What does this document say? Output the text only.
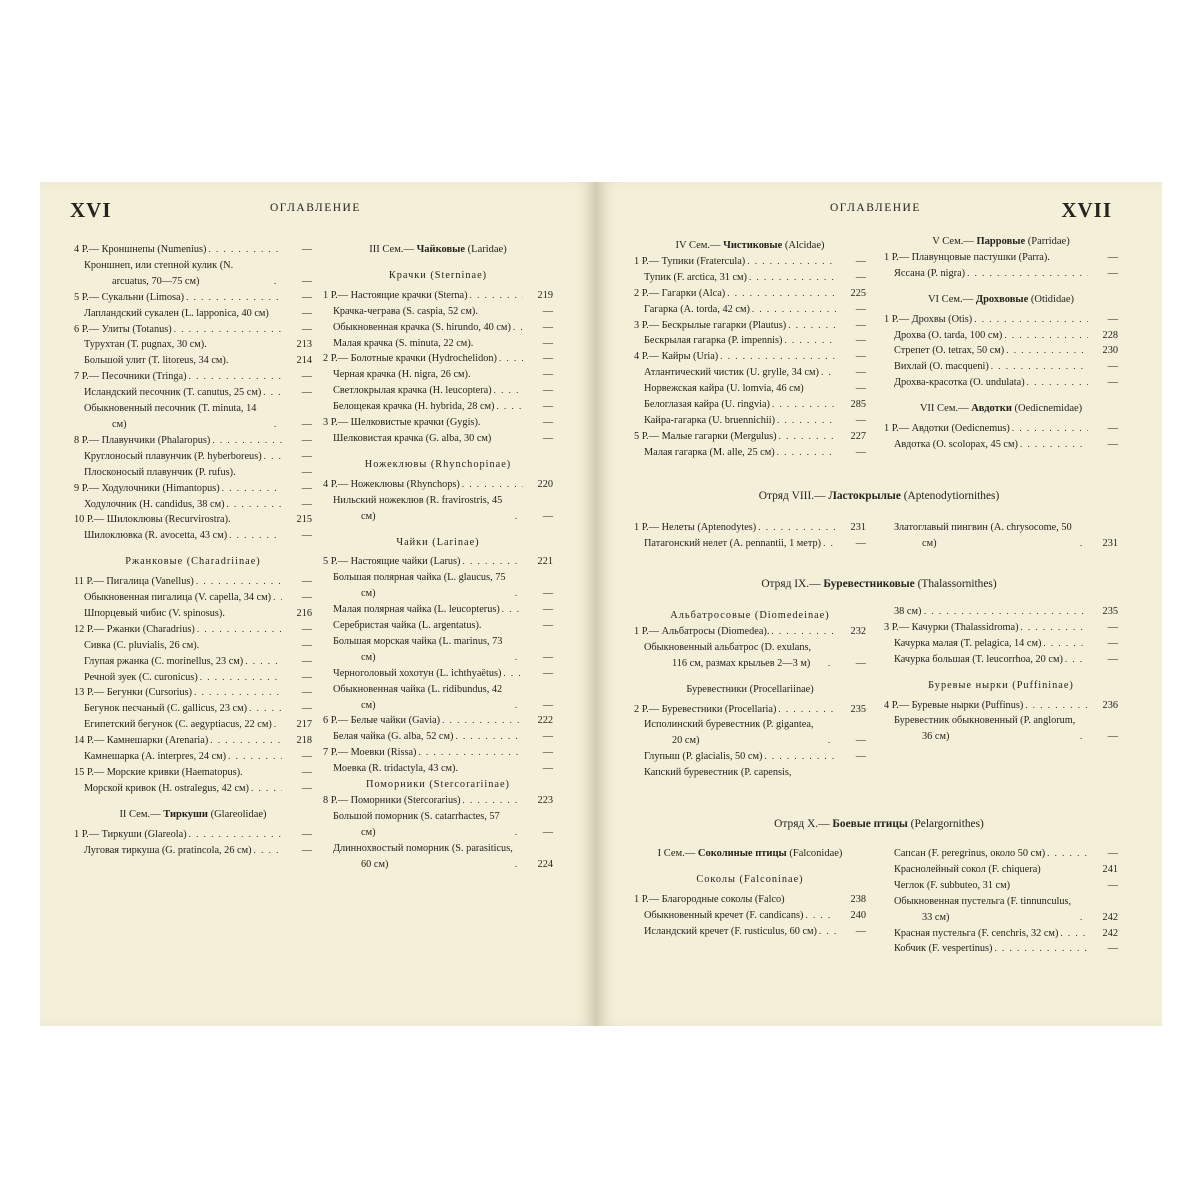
XVI	ОГЛАВЛЕНИЕ
4 Р.— Кроншнепы (Numenius) . . .	—
Кроншнеп, или степной кулик (N. arcuatus, 70—75 см) . . .	—
5 Р.— Сукальни (Limosa) . . .	—
Лапландский сукален (L. lapponica, 40 см)	—
6 Р.— Улиты (Totanus) . . .	—
Турухтан (T. pugnax, 30 см).	213
Большой улит (T. litoreus, 34 см).	214
7 Р.— Песочники (Tringa) . . .	—
Исландский песочник (T. canutus, 25 см) . . .	—
Обыкновенный песочник (T. minuta, 14 см) . . .	—
8 Р.— Плавунчики (Phalaropus) . . .	—
Круглоносый плавунчик (P. hyberboreus) . . .	—
Плосконосый плавунчик (P. rufus).	—
9 Р.— Ходулочники (Himantopus) . . .	—
Ходулочник (H. candidus, 38 см) . . .	—
10 Р.— Шилоклювы (Recurvirostra).	215
Шилоклювка (R. avocetta, 43 см) . . .	—
Ржанковые (Charadriinae)
11 Р.— Пигалица (Vanellus) . . .	—
Обыкновенная пигалица (V. capella, 34 см) . . .	—
Шпорцевый чибис (V. spinosus).	216
12 Р.— Ржанки (Charadrius) . . .	—
Сивка (C. pluvialis, 26 см).	—
Глупая ржанка (C. morinellus, 23 см) . . .	—
Речной зуек (C. curonicus) . . .	—
13 Р.— Бегунки (Cursorius) . . .	—
Бегунок песчаный (C. gallicus, 23 см) . . .	—
Египетский бегунок (C. aegyptiacus, 22 см) . . .	217
14 Р.— Камнешарки (Arenaria) . . .	218
Камнешарка (A. interpres, 24 см) . . .	—
15 Р.— Морские кривки (Haematopus).	—
Морской кривок (H. ostralegus, 42 см) . . .	—
II Сем.— Тиркуши (Glareolidae)
1 Р.— Тиркуши (Glareola) . . .	—
Луговая тиркуша (G. pratincola, 26 см) . . .	—
III Сем.— Чайковые (Laridae)
Крачки (Sterninae)
1 Р.— Настоящие крачки (Sterna) . . .	219
Крачка-чеграва (S. caspia, 52 см).	—
Обыкновенная крачка (S. hirundo, 40 см) . . .	—
Малая крачка (S. minuta, 22 см).	—
2 Р.— Болотные крачки (Hydrochelidon) . . .	—
Черная крачка (H. nigra, 26 см).	—
Светлокрылая крачка (H. leucoptera) . . .	—
Белощекая крачка (H. hybrida, 28 см) . . .	—
3 Р.— Шелковистые крачки (Gygis).	—
Шелковистая крачка (G. alba, 30 см)	—
Ножеклювы (Rhynchopinae)
4 Р.— Ножеклювы (Rhynchops) . . .	220
Нильский ножеклюв (R. fravirostris, 45 см) . . .	—
Чайки (Larinae)
5 Р.— Настоящие чайки (Larus) . . .	221
Большая полярная чайка (L. glaucus, 75 см) . . .	—
Малая полярная чайка (L. leucopterus) . . .	—
Серебристая чайка (L. argentatus).	—
Большая морская чайка (L. marinus, 73 см) . . .	—
Черноголовый хохотун (L. ichthyaëtus) . . .	—
Обыкновенная чайка (L. ridibundus, 42 см) . . .	—
6 Р.— Белые чайки (Gavia) . . .	222
Белая чайка (G. alba, 52 см) . . .	—
7 Р.— Моевки (Rissa) . . .	—
Моевка (R. tridactyla, 43 см).	—
Поморники (Stercorariinae)
8 Р.— Поморники (Stercorarius) . . .	223
Большой поморник (S. catarrhactes, 57 см) . . .	—
Длиннохвостый поморник (S. parasiticus, 60 см) . . .	224
ОГЛАВЛЕНИЕ	XVII
IV Сем.— Чистиковые (Alcidae)
1 Р.— Тупики (Fratercula) . . .	—
Тупик (F. arctica, 31 см) . . .	—
2 Р.— Гагарки (Alca) . . .	225
Гагарка (A. torda, 42 см) . . .	—
3 Р.— Бескрылые гагарки (Plautus) . . .	—
Бескрылая гагарка (P. impennis) . . .	—
4 Р.— Кайры (Uria) . . .	—
Атлантический чистик (U. grylle, 34 см) . . .	—
Норвежская кайра (U. lomvia, 46 см)	—
Белоглазая кайра (U. ringvia) . . .	285
Кайра-гагарка (U. bruennichii) . . .	—
5 Р.— Малые гагарки (Mergulus) . . .	227
Малая гагарка (M. alle, 25 см) . . .	—
V Сем.— Парровые (Parridae)
1 Р.— Плавунцовые пастушки (Parra).	—
Яссана (P. nigra) . . .	—
VI Сем.— Дрохвовые (Otididae)
1 Р.— Дрохвы (Otis) . . .	—
Дрохва (O. tarda, 100 см) . . .	228
Стрепет (O. tetrax, 50 см) . . .	230
Вихлай (O. macqueni) . . .	—
Дрохва-красотка (O. undulata) . . .	—
VII Сем.— Авдотки (Oedicnemidae)
1 Р.— Авдотки (Oedicnemus) . . .	—
Авдотка (O. scolopax, 45 см) . . .	—
Отряд VIII.— Ластокрылые (Aptenodytiornithes)
1 Р.— Нелеты (Aptenodytes) . . .	231
Патагонский нелет (A. pennantii, 1 метр) . . .	—
Златоглавый пингвин (A. chrysocome, 50 см) . . .	231
Отряд IX.— Буревестниковые (Thalassornithes)
Альбатросовые (Diomedeinae)
1 Р.— Альбатросы (Diomedea). . . .	232
Обыкновенный альбатрос (D. exulans, 116 см, размах крыльев 2—3 м) . . .	—
Буревестники (Procellariinae)
2 Р.— Буревестники (Procellaria) . . .	235
Исполинский буревестник (P. gigantea, 20 см) . . .	—
Глупыш (P. glacialis, 50 см) . . .	—
Капский буревестник (P. capensis,
38 см) . . .	235
3 Р.— Качурки (Thalassidroma) . . .	—
Качурка малая (T. pelagica, 14 см) . . .	—
Качурка большая (T. leucorrhoa, 20 см) . . .	—
Буревые нырки (Puffininae)
4 Р.— Буревые нырки (Puffinus) . . .	236
Буревестник обыкновенный (P. anglorum, 36 см) . . .	—
Отряд X.— Боевые птицы (Pelargornithes)
I Сем.— Соколиные птицы (Falconidae)
Соколы (Falconinae)
1 Р.— Благородные соколы (Falco)	238
Обыкновенный кречет (F. candicans) . . .	240
Исландский кречет (F. rusticulus, 60 см) . . .	—
Сапсан (F. peregrinus, около 50 см) . . .	—
Краснолейный сокол (F. chiquera)	241
Чеглок (F. subbuteo, 31 см)	—
Обыкновенная пустельга (F. tinnunculus, 33 см) . . .	242
Красная пустельга (F. cenchris, 32 см) . . .	242
Кобчик (F. vespertinus) . . .	—
